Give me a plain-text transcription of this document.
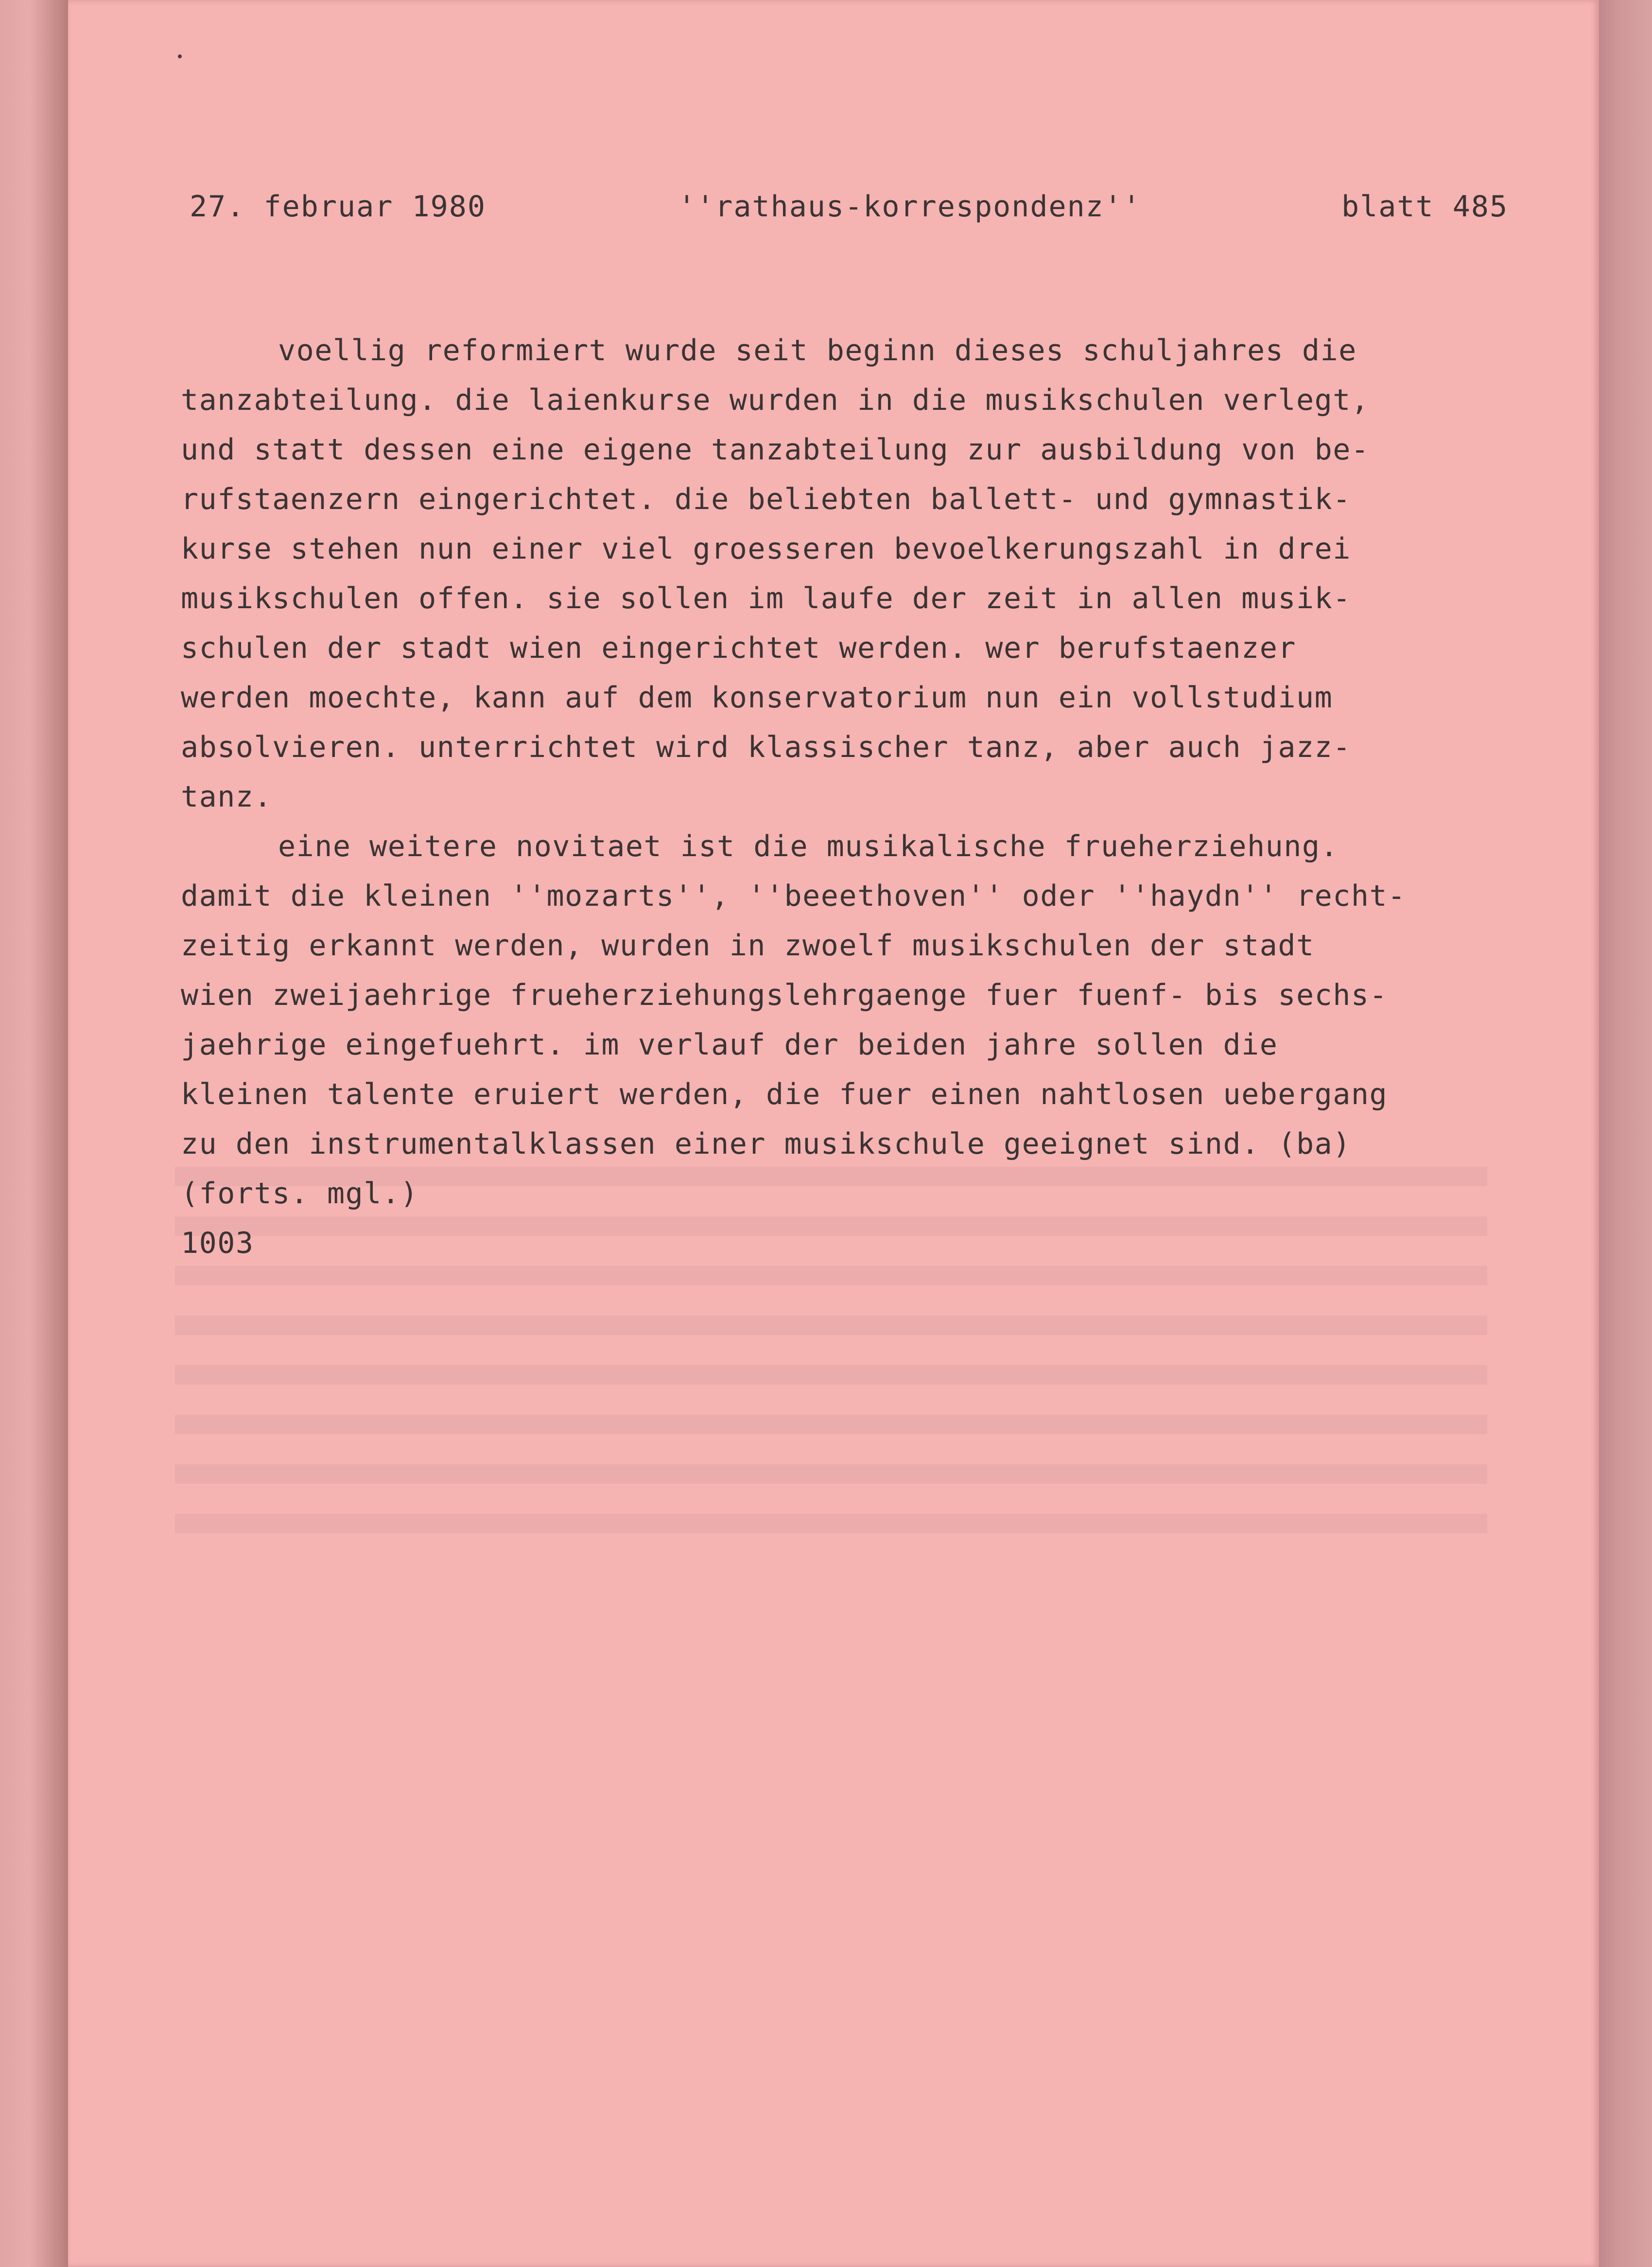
27. februar 1980	''rathaus-korrespondenz''	blatt 485
voellig reformiert wurde seit beginn dieses schuljahres die
tanzabteilung. die laienkurse wurden in die musikschulen verlegt,
und statt dessen eine eigene tanzabteilung zur ausbildung von be-
rufstaenzern eingerichtet. die beliebten ballett- und gymnastik-
kurse stehen nun einer viel groesseren bevoelkerungszahl in drei
musikschulen offen. sie sollen im laufe der zeit in allen musik-
schulen der stadt wien eingerichtet werden. wer berufstaenzer
werden moechte, kann auf dem konservatorium nun ein vollstudium
absolvieren. unterrichtet wird klassischer tanz, aber auch jazz-
tanz.
eine weitere novitaet ist die musikalische frueherziehung.
damit die kleinen ''mozarts'', ''beeethoven'' oder ''haydn'' recht-
zeitig erkannt werden, wurden in zwoelf musikschulen der stadt
wien zweijaehrige frueherziehungslehrgaenge fuer fuenf- bis sechs-
jaehrige eingefuehrt. im verlauf der beiden jahre sollen die
kleinen talente eruiert werden, die fuer einen nahtlosen uebergang
zu den instrumentalklassen einer musikschule geeignet sind. (ba)
(forts. mgl.)
1003
